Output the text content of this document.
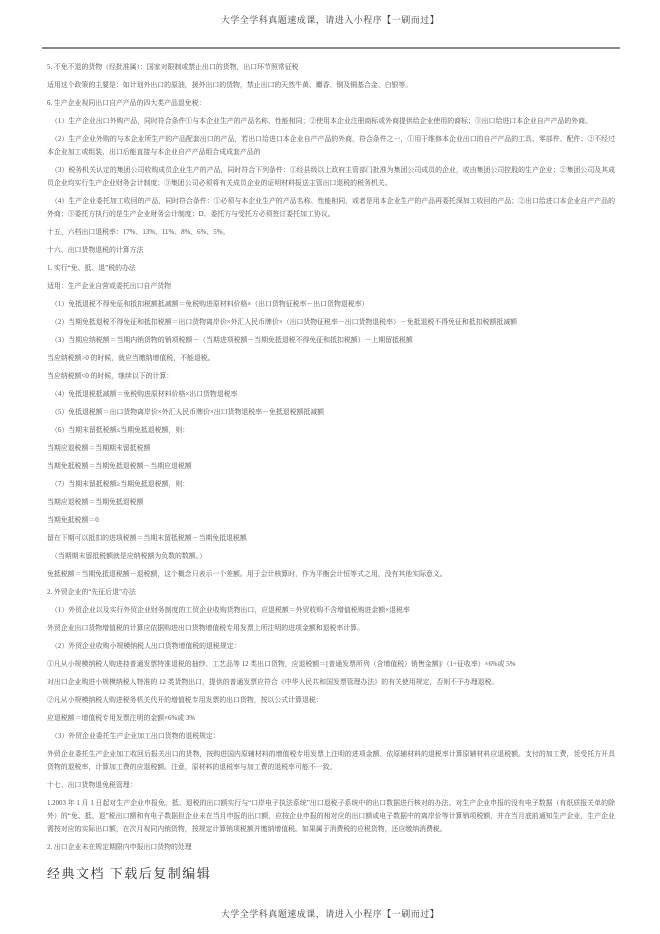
大学全学科真题速成课，请进入小程序【一刷而过】

5. 不免不退的货物（经批准属）：国家对限制或禁止出口的货物，出口环节照常征税

适用这个政策的主要是：如计划外出口的原油，援外出口的货物，禁止出口的天然牛黄、麝香、铜及铜基合金、白银等。

6. 生产企业视同出口自产产品的四大类产品退免税：

（1）生产企业出口外购产品，同时符合条件①与本企业生产的产品名称、性能相同；②使用本企业注册商标或外商提供给企业使用的商标；③出口给进口本企业自产产品的外商。

（2）生产企业外购的与本企业所生产的产品配套出口的产品，若出口给进口本企业自产产品的外商，符合条件之一，①用于维修本企业出口的自产产品的工具、零部件、配件；②不经过本企业加工或组装，出口后能直接与本企业自产产品组合成成套产品的

（3）税务机关认定的集团公司收购成员企业生产的产品，同时符合下列条件：①经县级以上政府主管部门批准为集团公司成员的企业，或由集团公司控股的生产企业；②集团公司及其成员企业均实行生产企业财务会计制度；③集团公司必须将有关成员企业的证明材料报送主管出口退税的税务机关。

（4）生产企业委托加工收回的产品，同时符合条件：①必须与本企业生产的产品名称、性能相同，或者是用本企业生产的产品再委托深加工收回的产品；②出口给进口本企业自产产品的外商；③委托方执行的是生产企业财务会计制度；D、委托方与受托方必须签订委托加工协议。

十五、六档出口退税率：17%、13%、11%、8%、6%、5%。

十六、出口货物退税的计算方法

1. 实行“免、抵、退”税的办法

适用：生产企业自营或委托出口自产货物

（1）免抵退税不得免征和抵扣税额抵减额＝免税购进原材料价格×（出口货物征税率－出口货物退税率）

（2）当期免抵退税不得免征和抵扣税额＝出口货物离岸价×外汇人民币牌价×（出口货物征税率－出口货物退税率）－免抵退税不得免征和抵扣税额抵减额

（3）当期应纳税额＝当期内销货物的销项税额－（当期进项税额－当期免抵退税不得免征和抵扣税额）－上期留抵税额

当应纳税额>0 的时候，就应当缴纳增值税，不能退税。

当应纳税额<0 的时候，继续以下的计算：

（4）免抵退税抵减额＝免税购进原材料价格×出口货物退税率

（5）免抵退税额＝出口货物离岸价×外汇人民币牌价×出口货物退税率－免抵退税额抵减额

（6）当期末留抵税额≤当期免抵退税额，则：

当期应退税额＝当期期末留抵税额

当期免抵税额＝当期免抵退税额－当期应退税额

（7）当期末留抵税额≥当期免抵退税额，则：

当期应退税额＝当期免抵退税额

当期免抵税额＝0

留在下期可以抵扣的进项税额＝当期末留抵税额－当期免抵退税额

（当期期末留抵税额就是应纳税额为负数的数额。）

免抵税额＝当期免抵退税额－退税额，这个概念只表示一个差额。用于会计核算时，作为平衡会计恒等式之用，没有其他实际意义。

2. 外贸企业的“先征后退”办法

（1）外贸企业以及实行外贸企业财务制度的工贸企业收购货物出口，应退税额＝外贸收购不含增值税购进金额×退税率

外贸企业出口货物增值税的计算应依据购进出口货物增值税专用发票上所注明的进项金额和退税率计算。

（2）外贸企业收购小规模纳税人出口货物增值税的退税规定：

①凡从小规模纳税人购进持普通发票特准退税的抽纱、工艺品等 12 类出口货物，应退税额＝[普通发票所列（含增值税）销售金额]/（1+征收率）×6%或 5%

对出口企业购进小规模纳税人特准的 12 类货物出口，提供的普通发票应符合《中华人民共和国发票管理办法》的有关使用规定，否则不予办理退税。

②凡从小规模纳税人购进税务机关代开的增值税专用发票的出口货物，按以公式计算退税：

应退税额＝增值税专用发票注明的金额×6%或 3%

（3）外贸企业委托生产企业加工出口货物的退税规定：

外贸企业委托生产企业加工收回后报关出口的货物，按购进国内原辅材料的增值税专用发票上注明的进项金额、依原辅材料的退税率计算原辅材料应退税额。支付的加工费，凭受托方开具货物的退税率，计算加工费的应退税额。注意，原材料的退税率与加工费的退税率可能不一致。

十七、出口货物退免税管理：

1.2003 年 1 月 1 日起对生产企业申报免、抵、退税的出口额实行与“口岸电子执法系统”出口退税子系统中的出口数据进行核对的办法。对生产企业申报的没有电子数据（有纸质报关单的除外）的“免、抵、退”税出口额和有电子数据但企业未在当月申报的出口额，应按企业申报的相对应的出口额或电子数据中的离岸价等计算销项税额，并在当月底前通知生产企业，生产企业需按对应的实际出口额，在次月视同内销货物，按规定计算销项税额并缴纳增值税。如果属于消费税的应税货物，还应缴纳消费税。

2. 出口企业未在规定期限内申报出口货物的处理

经典文档 下载后复制编辑
大学全学科真题速成课，请进入小程序【一刷而过】
